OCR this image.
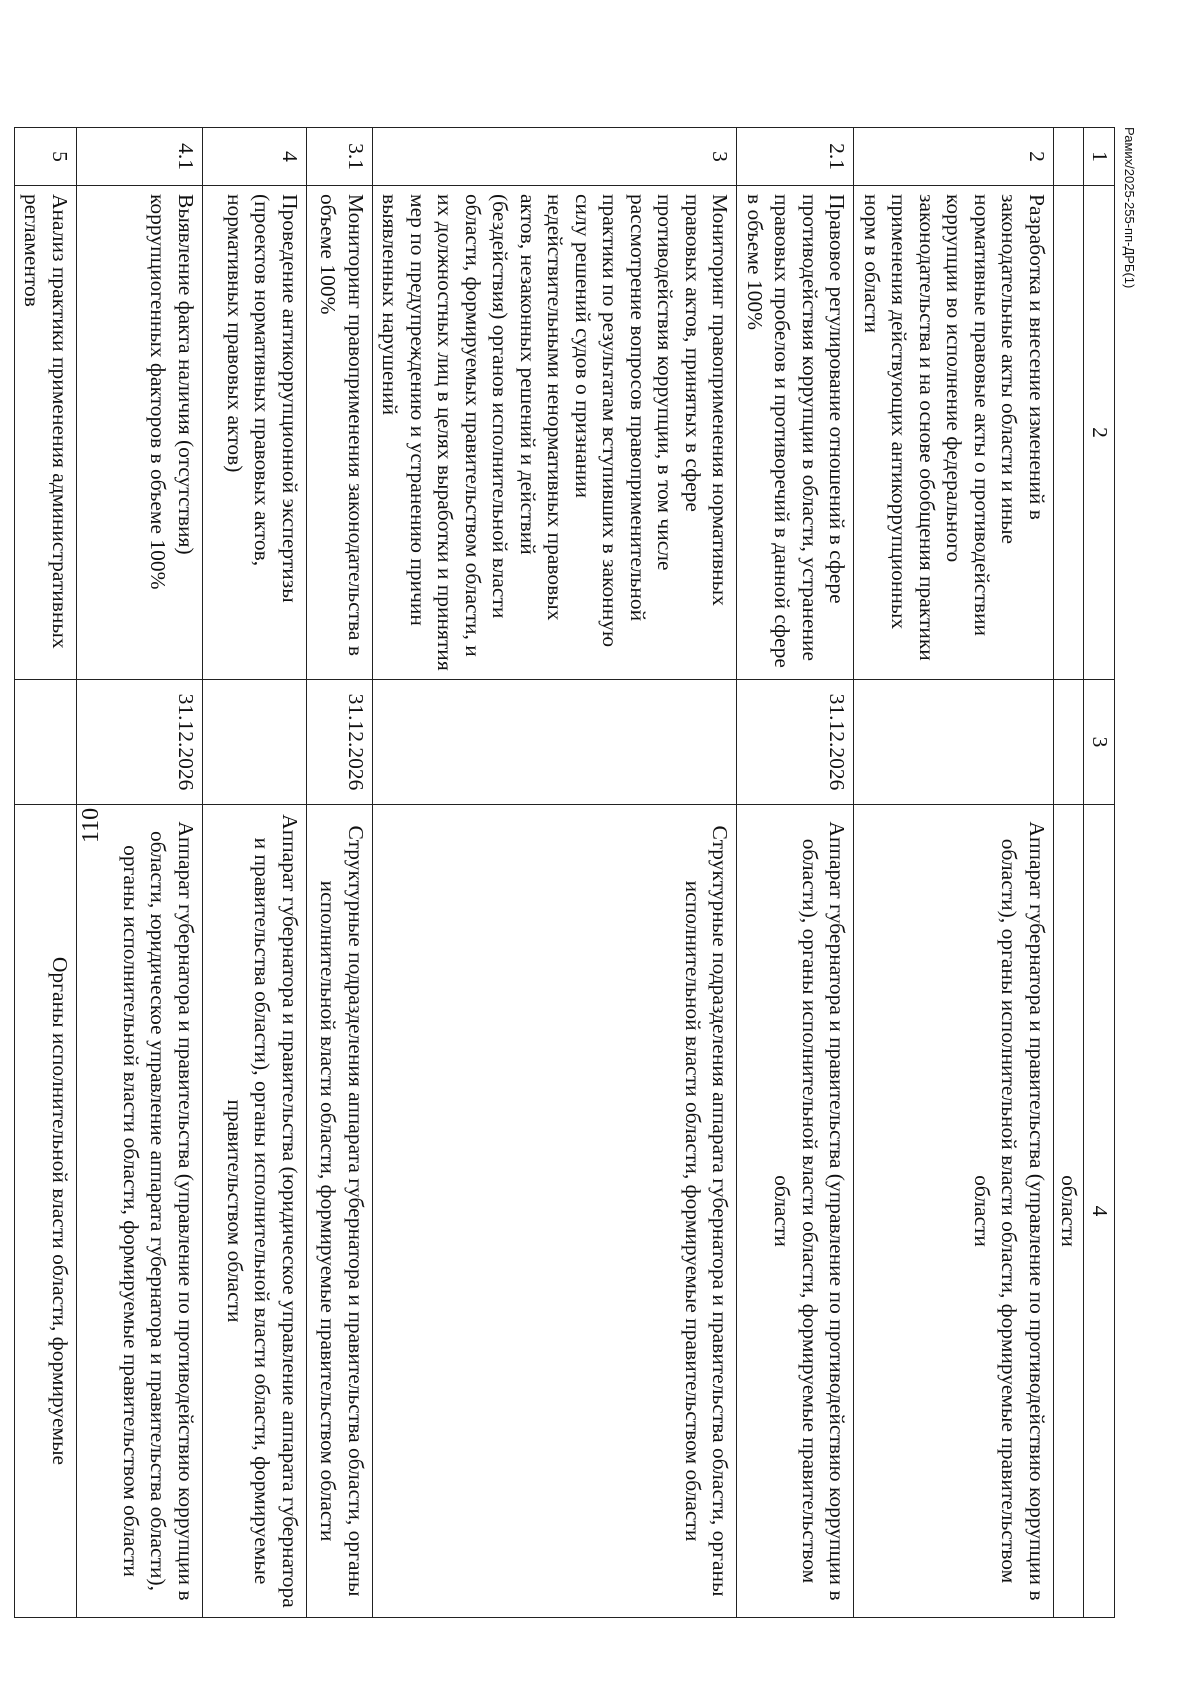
110
1	2	3	4
			области
2	Разработка и внесение изменений в законодательные акты области и иные нормативные правовые акты о противодействии коррупции во исполнение федерального законодательства и на основе обобщения практики применения действующих антикоррупционных норм в области		Аппарат губернатора и правительства (управление по противодействию коррупции в области), органы исполнительной власти области, формируемые правительством области
2.1	Правовое регулирование отношений в сфере противодействия коррупции в области, устранение правовых пробелов и противоречий в данной сфере в объеме 100%	31.12.2026	Аппарат губернатора и правительства (управление по противодействию коррупции в области), органы исполнительной власти области, формируемые правительством области
3	Мониторинг правоприменения нормативных правовых актов, принятых в сфере противодействия коррупции, в том числе рассмотрение вопросов правоприменительной практики по результатам вступивших в законную силу решений судов о признании недействительными ненормативных правовых актов, незаконных решений и действий (бездействия) органов исполнительной власти области, формируемых правительством области, и их должностных лиц в целях выработки и принятия мер по предупреждению и устранению причин выявленных нарушений		Структурные подразделения аппарата губернатора и правительства области, органы исполнительной власти области, формируемые правительством области
3.1	Мониторинг правоприменения законодательства в объеме 100%	31.12.2026	Структурные подразделения аппарата губернатора и правительства области, органы исполнительной власти области, формируемые правительством области
4	Проведение антикоррупционной экспертизы (проектов нормативных правовых актов, нормативных правовых актов)		Аппарат губернатора и правительства (юридическое управление аппарата губернатора и правительства области), органы исполнительной власти области, формируемые правительством области
4.1	Выявление факта наличия (отсутствия) коррупциогенных факторов в объеме 100%	31.12.2026	Аппарат губернатора и правительства (управление по противодействию коррупции в области, юридическое управление аппарата губернатора и правительства области), органы исполнительной власти области, формируемые правительством области
5	Анализ практики применения административных регламентов		Органы исполнительной власти области, формируемые
Рамих/2025-255-пп-ДРБ(1)
